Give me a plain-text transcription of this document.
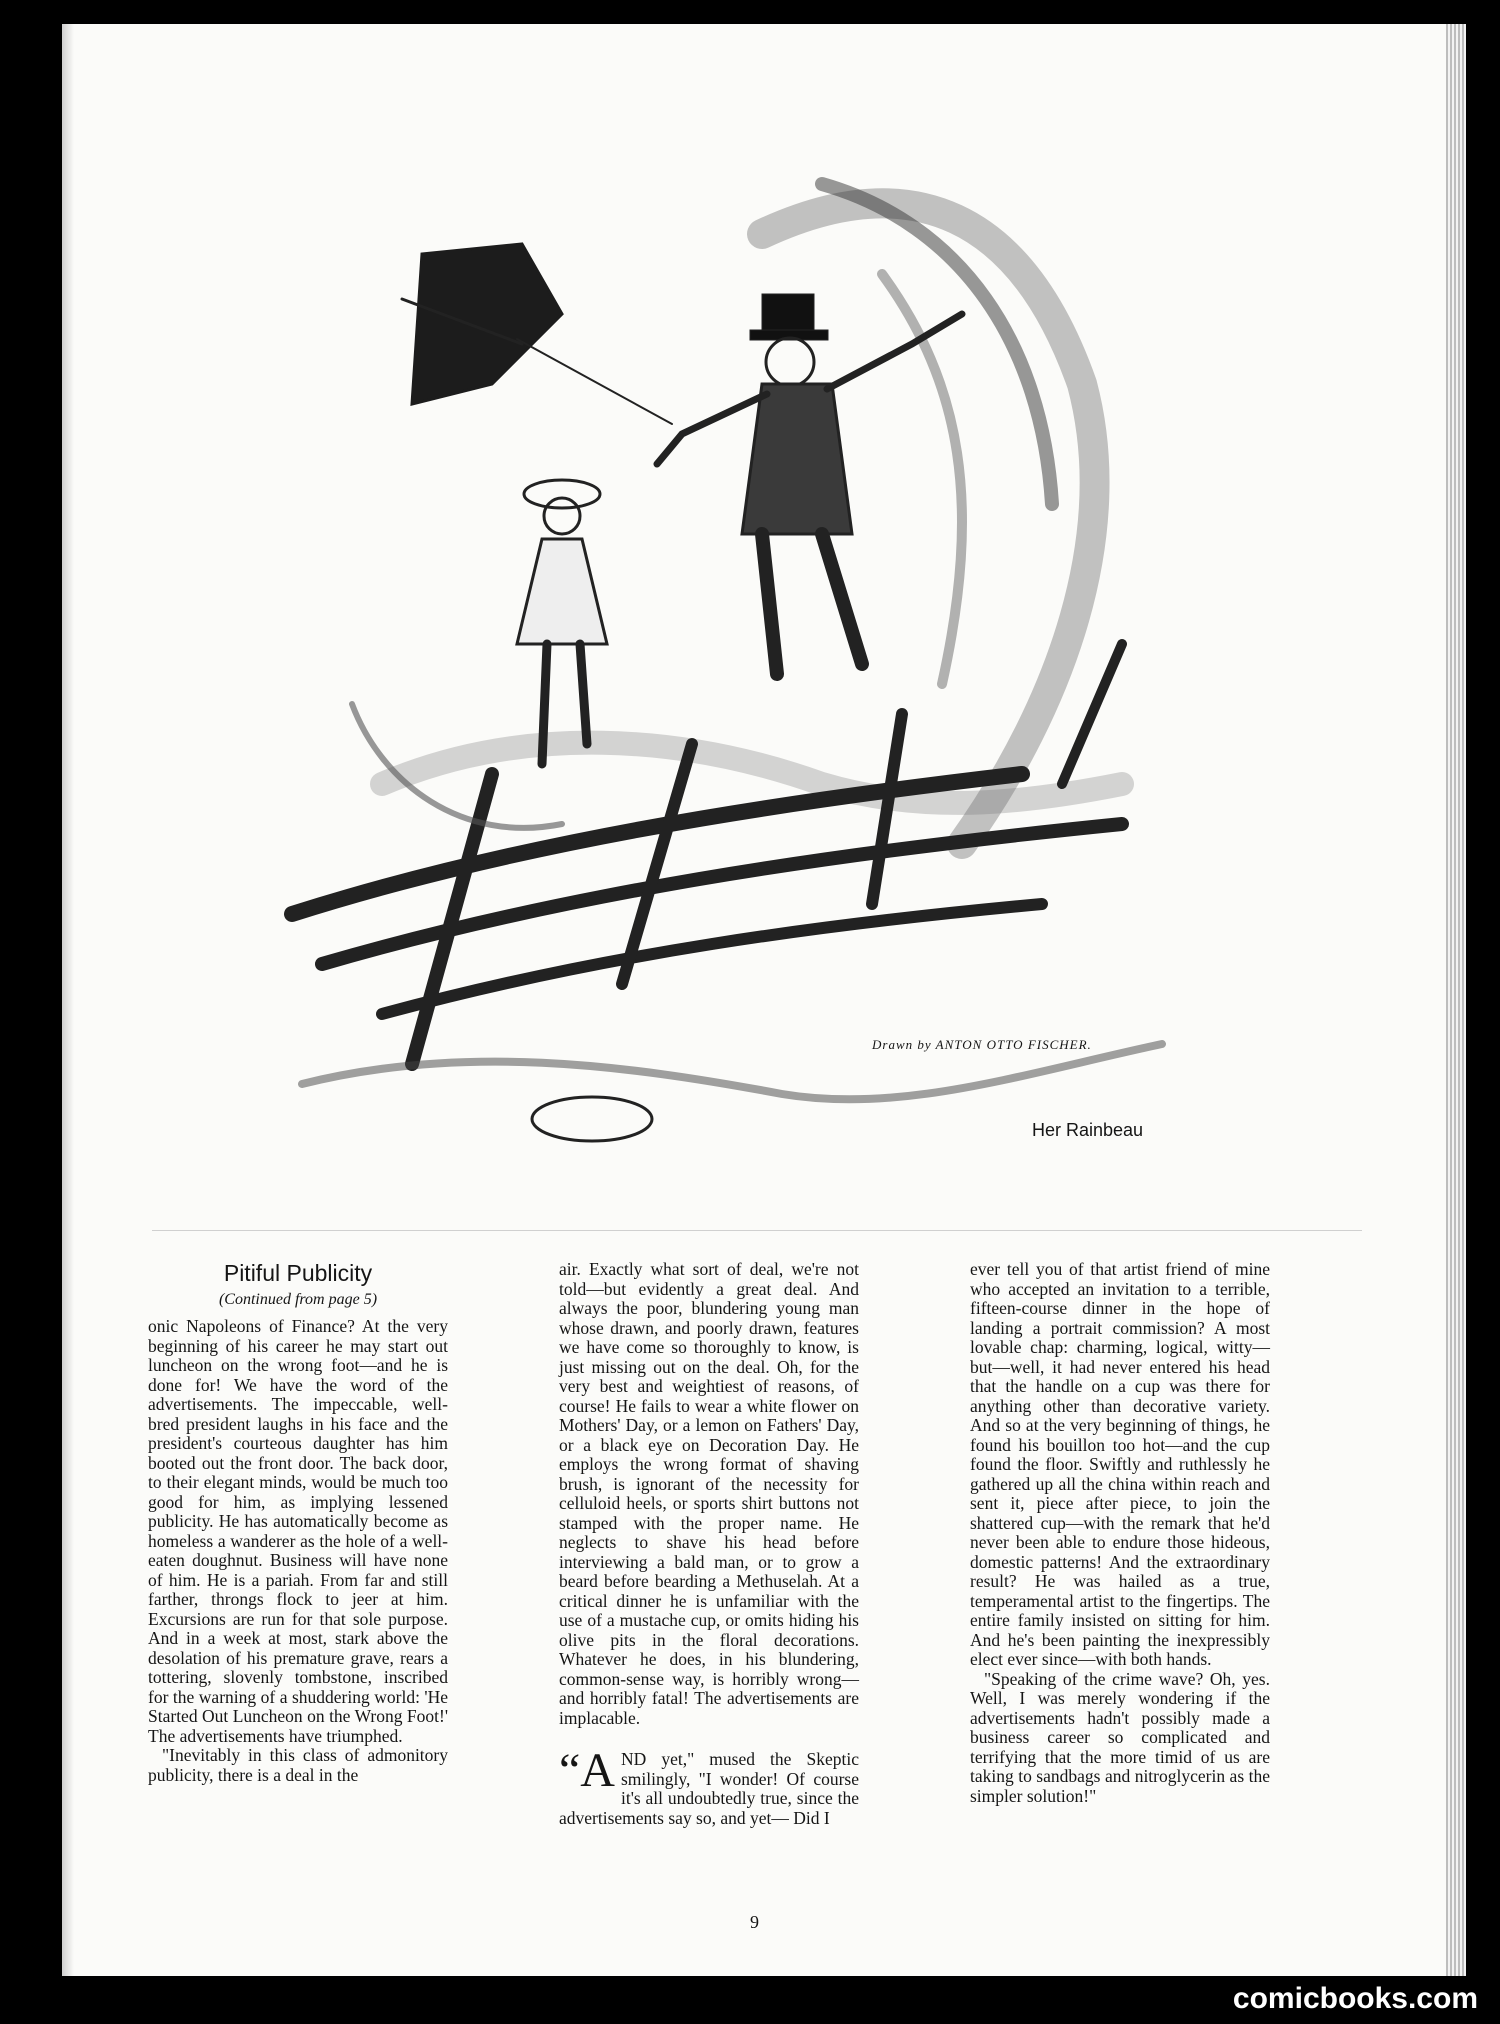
Drawn by ANTON OTTO FISCHER.
Her Rainbeau
Pitiful Publicity
(Continued from page 5)

onic Napoleons of Finance? At the very beginning of his career he may start out luncheon on the wrong foot—and he is done for! We have the word of the advertisements. The impeccable, well-bred president laughs in his face and the president's courteous daughter has him booted out the front door. The back door, to their elegant minds, would be much too good for him, as implying lessened publicity. He has automatically become as homeless a wanderer as the hole of a well-eaten doughnut. Business will have none of him. He is a pariah. From far and still farther, throngs flock to jeer at him. Excursions are run for that sole purpose. And in a week at most, stark above the desolation of his premature grave, rears a tottering, slovenly tombstone, inscribed for the warning of a shuddering world: 'He Started Out Luncheon on the Wrong Foot!' The advertisements have triumphed.

"Inevitably in this class of admonitory publicity, there is a deal in the

air. Exactly what sort of deal, we're not told—but evidently a great deal. And always the poor, blundering young man whose drawn, and poorly drawn, features we have come so thoroughly to know, is just missing out on the deal. Oh, for the very best and weightiest of reasons, of course! He fails to wear a white flower on Mothers' Day, or a lemon on Fathers' Day, or a black eye on Decoration Day. He employs the wrong format of shaving brush, is ignorant of the necessity for celluloid heels, or sports shirt buttons not stamped with the proper name. He neglects to shave his head before interviewing a bald man, or to grow a beard before bearding a Methuselah. At a critical dinner he is unfamiliar with the use of a mustache cup, or omits hiding his olive pits in the floral decorations. Whatever he does, in his blundering, common-sense way, is horribly wrong—and horribly fatal! The advertisements are implacable.

“AND yet," mused the Skeptic smilingly, "I wonder! Of course it's all undoubtedly true, since the advertisements say so, and yet— Did I

ever tell you of that artist friend of mine who accepted an invitation to a terrible, fifteen-course dinner in the hope of landing a portrait commission? A most lovable chap: charming, logical, witty—but—well, it had never entered his head that the handle on a cup was there for anything other than decorative variety. And so at the very beginning of things, he found his bouillon too hot—and the cup found the floor. Swiftly and ruthlessly he gathered up all the china within reach and sent it, piece after piece, to join the shattered cup—with the remark that he'd never been able to endure those hideous, domestic patterns! And the extraordinary result? He was hailed as a true, temperamental artist to the fingertips. The entire family insisted on sitting for him. And he's been painting the inexpressibly elect ever since—with both hands.

"Speaking of the crime wave? Oh, yes. Well, I was merely wondering if the advertisements hadn't possibly made a business career so complicated and terrifying that the more timid of us are taking to sandbags and nitroglycerin as the simpler solution!"

9
comicbooks.com
